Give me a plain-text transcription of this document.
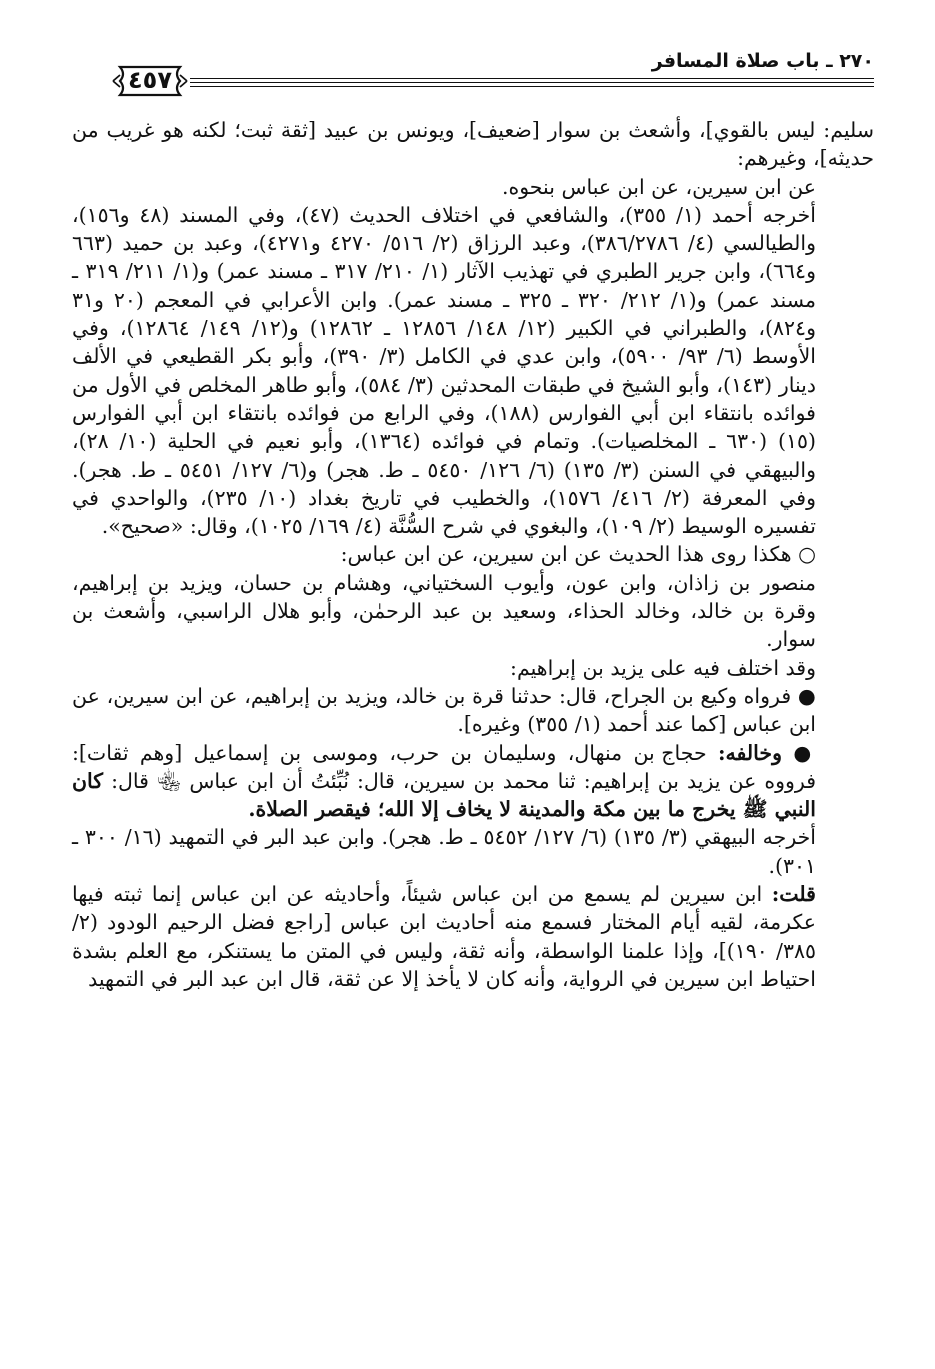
٢٧٠ ـ باب صلاة المسافر
٤٥٧

سليم: ليس بالقوي]، وأشعث بن سوار [ضعيف]، ويونس بن عبيد [ثقة ثبت؛ لكنه هو غريب من حديثه]، وغيرهم:

عن ابن سيرين، عن ابن عباس بنحوه.

أخرجه أحمد (١/ ٣٥٥)، والشافعي في اختلاف الحديث (٤٧)، وفي المسند (٤٨ و١٥٦)، والطيالسي (٤/ ٣٨٦/٢٧٨٦)، وعبد الرزاق (٢/ ٥١٦/ ٤٢٧٠ و٤٢٧١)، وعبد بن حميد (٦٦٣ و٦٦٤)، وابن جرير الطبري في تهذيب الآثار (١/ ٢١٠/ ٣١٧ ـ مسند عمر) و(١/ ٢١١/ ٣١٩ ـ مسند عمر) و(١/ ٢١٢/ ٣٢٠ ـ ٣٢٥ ـ مسند عمر). وابن الأعرابي في المعجم (٢٠ و٣١ و٨٢٤)، والطبراني في الكبير (١٢/ ١٤٨/ ١٢٨٥٦ ـ ١٢٨٦٢) و(١٢/ ١٤٩/ ١٢٨٦٤)، وفي الأوسط (٦/ ٩٣/ ٥٩٠٠)، وابن عدي في الكامل (٣/ ٣٩٠)، وأبو بكر القطيعي في الألف دينار (١٤٣)، وأبو الشيخ في طبقات المحدثين (٣/ ٥٨٤)، وأبو طاهر المخلص في الأول من فوائده بانتقاء ابن أبي الفوارس (١٨٨)، وفي الرابع من فوائده بانتقاء ابن أبي الفوارس (١٥) (٦٣٠ ـ المخلصيات). وتمام في فوائده (١٣٦٤)، وأبو نعيم في الحلية (١٠/ ٢٨)، والبيهقي في السنن (٣/ ١٣٥) (٦/ ١٢٦/ ٥٤٥٠ ـ ط. هجر) و(٦/ ١٢٧/ ٥٤٥١ ـ ط. هجر). وفي المعرفة (٢/ ٤١٦/ ١٥٧٦)، والخطيب في تاريخ بغداد (١٠/ ٢٣٥)، والواحدي في تفسيره الوسيط (٢/ ١٠٩)، والبغوي في شرح السُّنَّة (٤/ ١٦٩/ ١٠٢٥)، وقال: «صحيح».

○ هكذا روى هذا الحديث عن ابن سيرين، عن ابن عباس:

منصور بن زاذان، وابن عون، وأيوب السختياني، وهشام بن حسان، ويزيد بن إبراهيم، وقرة بن خالد، وخالد الحذاء، وسعيد بن عبد الرحمٰن، وأبو هلال الراسبي، وأشعث بن سوار.

وقد اختلف فيه على يزيد بن إبراهيم:

● فرواه وكيع بن الجراح، قال: حدثنا قرة بن خالد، ويزيد بن إبراهيم، عن ابن سيرين، عن ابن عباس [كما عند أحمد (١/ ٣٥٥) وغيره].

● وخالفه: حجاج بن منهال، وسليمان بن حرب، وموسى بن إسماعيل [وهم ثقات]: فرووه عن يزيد بن إبراهيم: ثنا محمد بن سيرين، قال: نُبِّئتُ أن ابن عباس ﵄ قال: كان النبي ﷺ يخرج ما بين مكة والمدينة لا يخاف إلا الله؛ فيقصر الصلاة.

أخرجه البيهقي (٣/ ١٣٥) (٦/ ١٢٧/ ٥٤٥٢ ـ ط. هجر). وابن عبد البر في التمهيد (١٦/ ٣٠٠ ـ ٣٠١).

قلت: ابن سيرين لم يسمع من ابن عباس شيئاً، وأحاديثه عن ابن عباس إنما ثبته فيها عكرمة، لقيه أيام المختار فسمع منه أحاديث ابن عباس [راجع فضل الرحيم الودود (٢/ ٣٨٥/ ١٩٠)]، وإذا علمنا الواسطة، وأنه ثقة، وليس في المتن ما يستنكر، مع العلم بشدة احتياط ابن سيرين في الرواية، وأنه كان لا يأخذ إلا عن ثقة، قال ابن عبد البر في التمهيد
